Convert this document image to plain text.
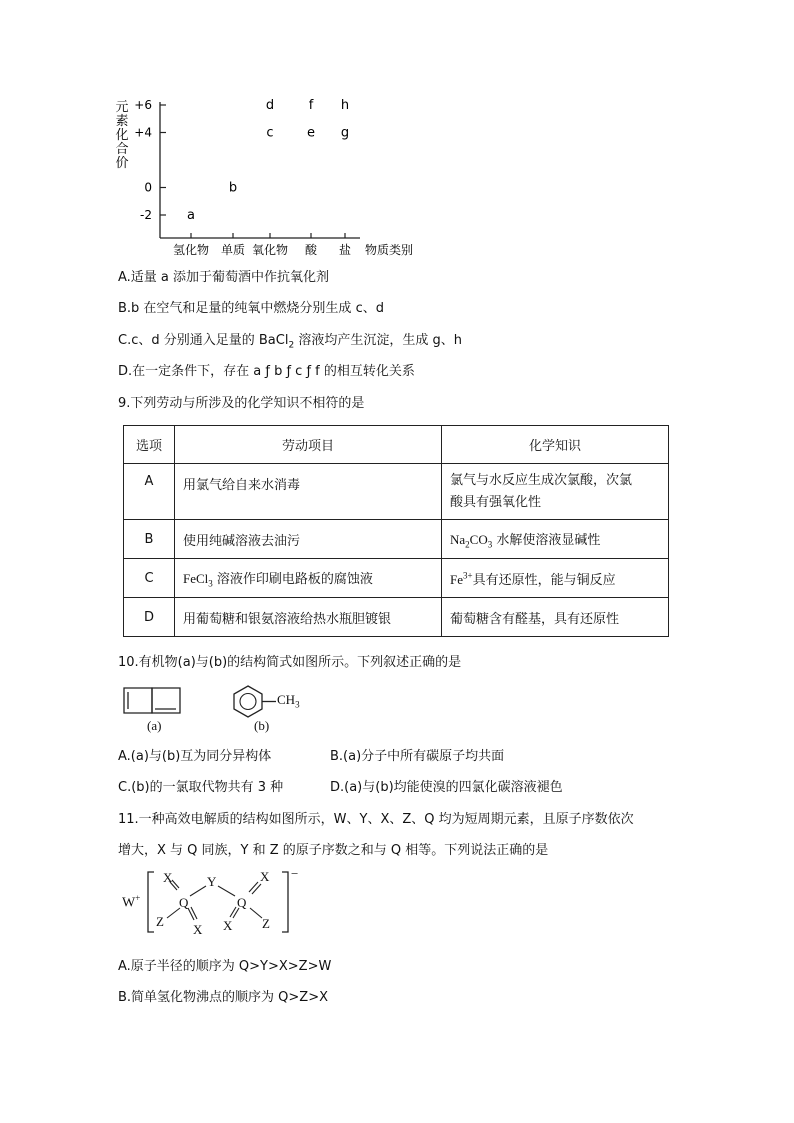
元
素
化
合
价
+6
+4
0
-2
氢化物 单质 氧化物 酸 盐
a
b
c
d
e
f
g
h
物质类别
A.适量 a 添加于葡萄酒中作抗氧化剂
B.b 在空气和足量的纯氧中燃烧分别生成 c、d
C.c、d 分别通入足量的 BaCl$_2$ 溶液均产生沉淀，生成 g、h
D.在一定条件下，存在 a ƒ b ƒ c ƒ f 的相互转化关系
9.下列劳动与所涉及的化学知识不相符的是
选项	劳动项目	化学知识
A	用氯气给自来水消毒	氯气与水反应生成次氯酸，次氯
酸具有强氧化性

B	使用纯碱溶液去油污	$Na_2CO_3$ 水解使溶液显碱性
C	FeCl$_3$ 溶液作印刷电路板的腐蚀液	$Fe^{3+}$具有还原性，能与铜反应
D	用葡萄糖和银氨溶液给热水瓶胆镀银	葡萄糖含有醛基，具有还原性
10.有机物(a)与(b)的结构简式如图所示。下列叙述正确的是
(a)
$CH_3$
(b)
A.(a)与(b)互为同分异构体	B.(a)分子中所有碳原子均共面
C.(b)的一氯取代物共有 3 种	D.(a)与(b)均能使溴的四氯化碳溶液褪色
11.一种高效电解质的结构如图所示，W、Y、X、Z、Q 均为短周期元素，且原子序数依次
增大，X 与 Q 同族，Y 和 Z 的原子序数之和与 Q 相等。下列说法正确的是
W+
X
Q
Y
Q
X
Z
X X Z
−
A.原子半径的顺序为 Q>Y>X>Z>W
B.简单氢化物沸点的顺序为 Q>Z>X
